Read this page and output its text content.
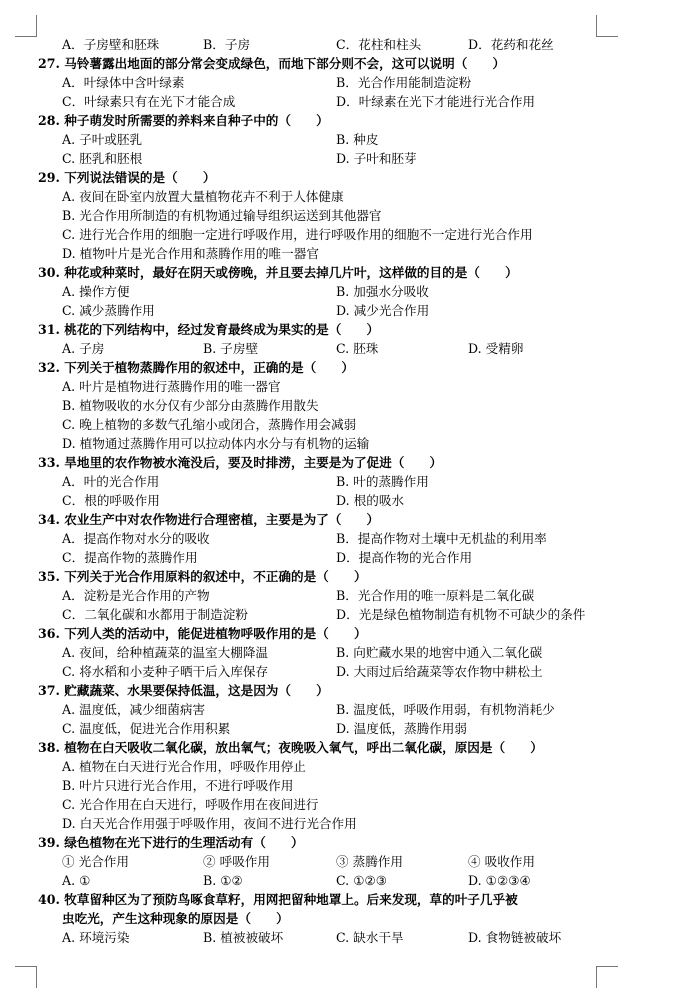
A．子房壁和胚珠	B．子房	C．花柱和柱头	D．花药和花丝
27. 马铃薯露出地面的部分常会变成绿色，而地下部分则不会，这可以说明（　　）
A．叶绿体中含叶绿素	B．光合作用能制造淀粉
C．叶绿素只有在光下才能合成	D．叶绿素在光下才能进行光合作用
28. 种子萌发时所需要的养料来自种子中的（　　）
A. 子叶或胚乳	B. 种皮
C. 胚乳和胚根	D. 子叶和胚芽
29. 下列说法错误的是（　　）
A. 夜间在卧室内放置大量植物花卉不利于人体健康
B. 光合作用所制造的有机物通过输导组织运送到其他器官
C. 进行光合作用的细胞一定进行呼吸作用，进行呼吸作用的细胞不一定进行光合作用
D. 植物叶片是光合作用和蒸腾作用的唯一器官
30. 种花或种菜时，最好在阴天或傍晚，并且要去掉几片叶，这样做的目的是（　　）
A. 操作方便	B. 加强水分吸收
C. 减少蒸腾作用	D. 减少光合作用
31. 桃花的下列结构中，经过发育最终成为果实的是（　　）
A. 子房	B. 子房壁	C. 胚珠	D. 受精卵
32. 下列关于植物蒸腾作用的叙述中，正确的是（　　）
A. 叶片是植物进行蒸腾作用的唯一器官
B. 植物吸收的水分仅有少部分由蒸腾作用散失
C. 晚上植物的多数气孔缩小或闭合，蒸腾作用会减弱
D. 植物通过蒸腾作用可以拉动体内水分与有机物的运输
33. 旱地里的农作物被水淹没后，要及时排涝，主要是为了促进（　　）
A．叶的光合作用	B. 叶的蒸腾作用
C．根的呼吸作用	D. 根的吸水
34. 农业生产中对农作物进行合理密植，主要是为了（　　）
A．提高作物对水分的吸收	B．提高作物对土壤中无机盐的利用率
C．提高作物的蒸腾作用	D．提高作物的光合作用
35. 下列关于光合作用原料的叙述中，不正确的是（　　）
A．淀粉是光合作用的产物	B．光合作用的唯一原料是二氧化碳
C．二氧化碳和水都用于制造淀粉	D．光是绿色植物制造有机物不可缺少的条件
36. 下列人类的活动中，能促进植物呼吸作用的是（　　）
A. 夜间，给种植蔬菜的温室大棚降温	B. 向贮藏水果的地窖中通入二氧化碳
C. 将水稻和小麦种子晒干后入库保存	D. 大雨过后给蔬菜等农作物中耕松土
37. 贮藏蔬菜、水果要保持低温，这是因为（　　）
A. 温度低，减少细菌病害	B. 温度低，呼吸作用弱，有机物消耗少
C. 温度低，促进光合作用积累	D. 温度低，蒸腾作用弱
38. 植物在白天吸收二氧化碳，放出氧气；夜晚吸入氧气，呼出二氧化碳，原因是（　　）
A. 植物在白天进行光合作用，呼吸作用停止
B. 叶片只进行光合作用，不进行呼吸作用
C. 光合作用在白天进行，呼吸作用在夜间进行
D. 白天光合作用强于呼吸作用，夜间不进行光合作用
39. 绿色植物在光下进行的生理活动有（　　）
① 光合作用	② 呼吸作用	③ 蒸腾作用	④ 吸收作用
A. ①	B. ①②	C. ①②③	D. ①②③④
40. 牧草留种区为了预防鸟啄食草籽，用网把留种地罩上。后来发现，草的叶子几乎被
虫吃光，产生这种现象的原因是（　　）
A. 环境污染	B. 植被被破坏	C. 缺水干旱	D. 食物链被破坏
